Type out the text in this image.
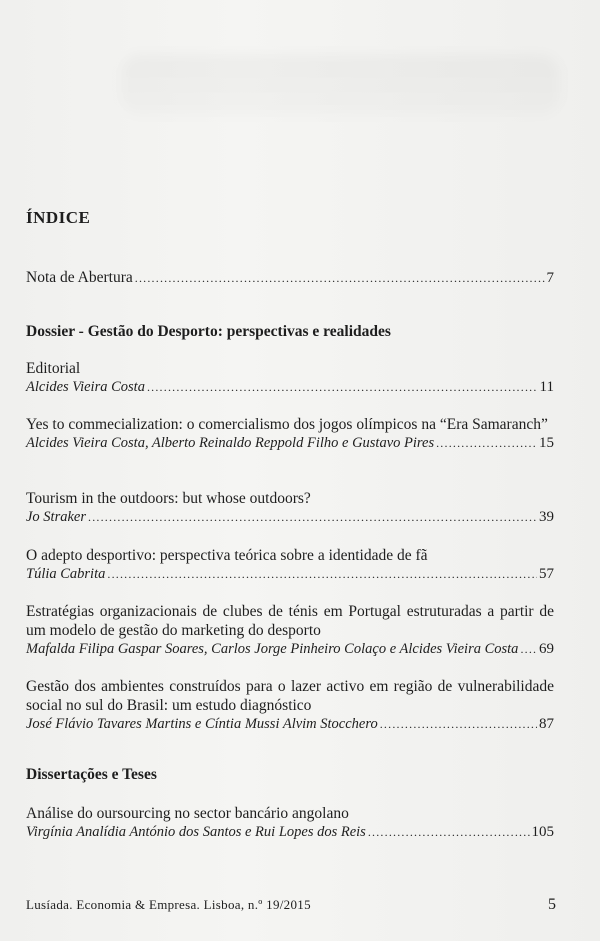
ÍNDICE
Nota de Abertura .....	7
Dossier - Gestão do Desporto: perspectivas e realidades
Editorial
Alcides Vieira Costa .....	11
Yes to commecialization: o comercialismo dos jogos olímpicos na “Era Samaranch”
Alcides Vieira Costa, Alberto Reinaldo Reppold Filho e Gustavo Pires .....	15
Tourism in the outdoors: but whose outdoors?
Jo Straker .....	39
O adepto desportivo: perspectiva teórica sobre a identidade de fã
Túlia Cabrita .....	57
Estratégias organizacionais de clubes de ténis em Portugal estruturadas a partir de um modelo de gestão do marketing do desporto
Mafalda Filipa Gaspar Soares, Carlos Jorge Pinheiro Colaço e Alcides Vieira Costa ..... 69
Gestão dos ambientes construídos para o lazer activo em região de vulnerabilidade social no sul do Brasil: um estudo diagnóstico
José Flávio Tavares Martins e Cíntia Mussi Alvim Stocchero .....	87
Dissertações e Teses
Análise do oursourcing no sector bancário angolano
Virgínia Analídia António dos Santos e Rui Lopes dos Reis .....	105
Lusíada. Economia & Empresa. Lisboa, n.º 19/2015	5
